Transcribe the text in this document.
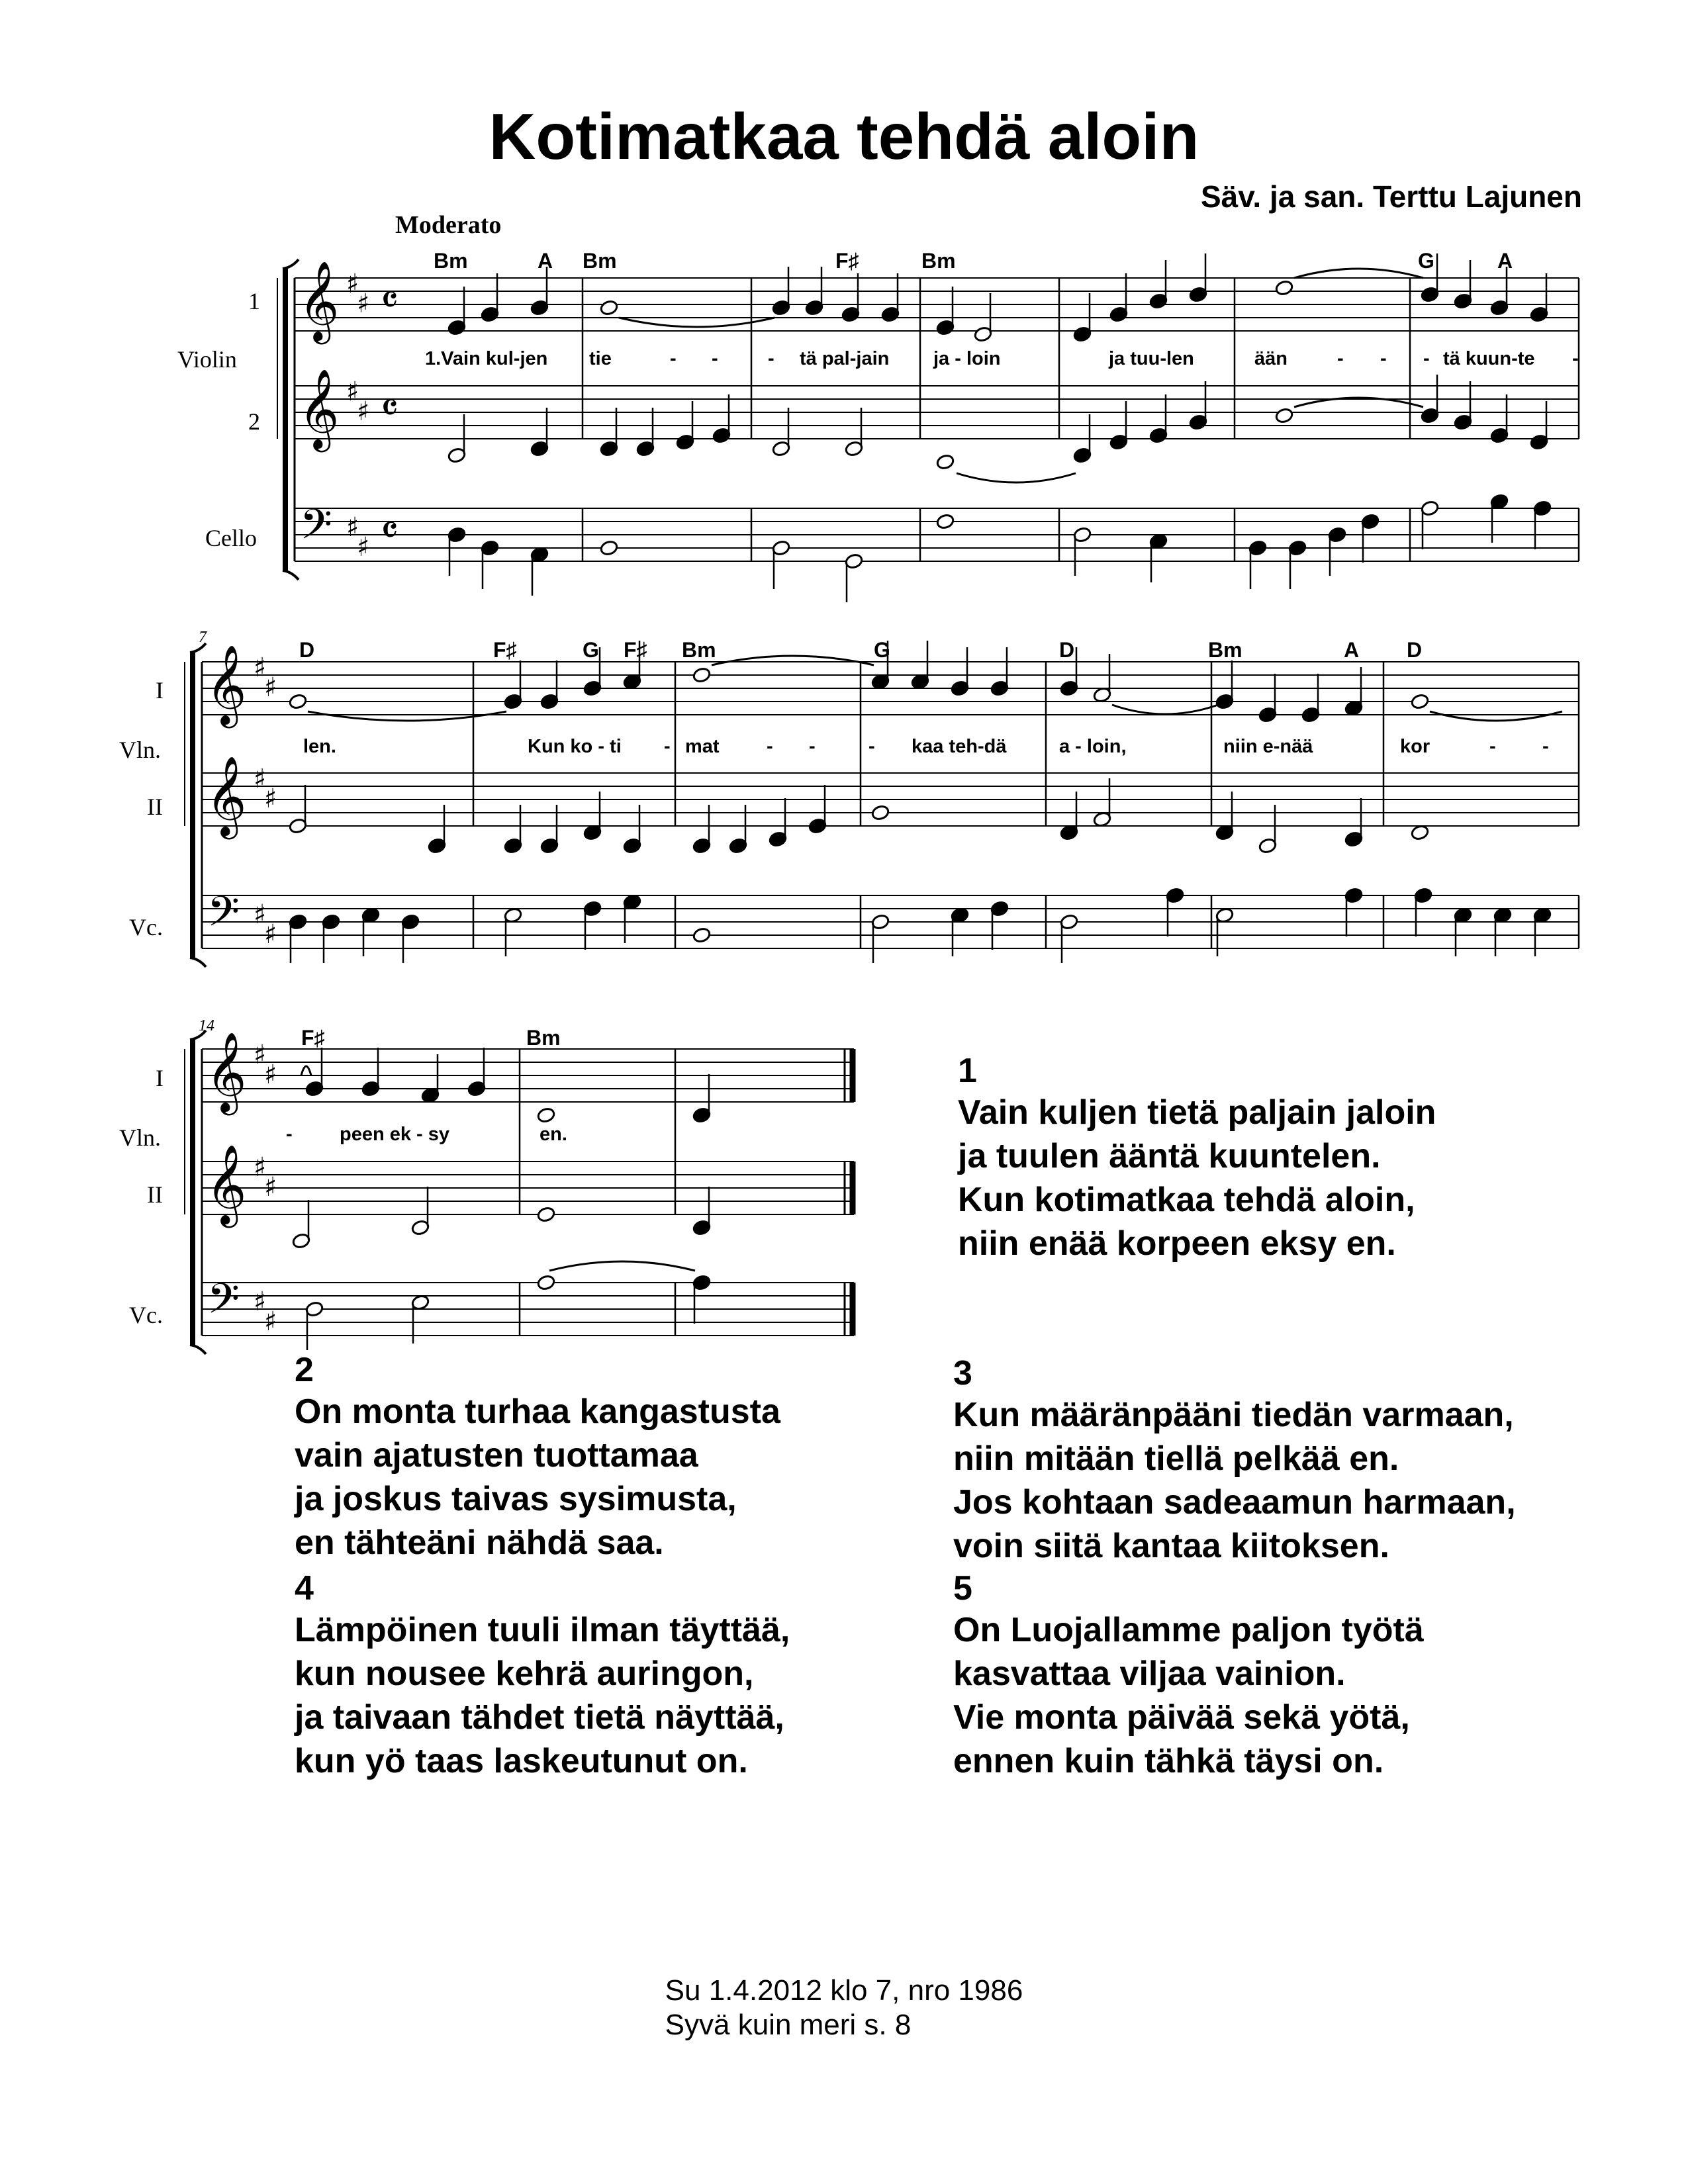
Kotimatkaa tehdä aloin
Säv. ja san. Terttu Lajunen
Moderato
1
Violin
2
Cello
I
Vln.
II
Vc.
7
I
Vln.
II
Vc.
14
Bm	A Bm	F♯	Bm	G	A
1.Vain kul-jen tie	- -	- tä pal-jain ja - loin	ja tuu-len	ään	- - - tä kuun-te -
D	F♯	G F♯ Bm	G	D	Bm	A D
len.	Kun ko - ti - mat - -	- kaa teh-dä	a - loin,	niin e-nää	kor	- -
F♯	Bm
- peen ek - sy	en.
1
Vain kuljen tietä paljain jaloin
ja tuulen ääntä kuuntelen.
Kun kotimatkaa tehdä aloin,
niin enää korpeen eksy en.
2
On monta turhaa kangastusta
vain ajatusten tuottamaa
ja joskus taivas sysimusta,
en tähteäni nähdä saa.
3
Kun määränpääni tiedän varmaan,
niin mitään tiellä pelkää en.
Jos kohtaan sadeaamun harmaan,
voin siitä kantaa kiitoksen.
4
Lämpöinen tuuli ilman täyttää,
kun nousee kehrä auringon,
ja taivaan tähdet tietä näyttää,
kun yö taas laskeutunut on.
5
On Luojallamme paljon työtä
kasvattaa viljaa vainion.
Vie monta päivää sekä yötä,
ennen kuin tähkä täysi on.
Su 1.4.2012 klo 7, nro 1986
Syvä kuin meri s. 8
𝄞 ♯
♯ 𝄴
𝄞 ♯
♯ 𝄴
𝄢 ♯
♯ 𝄴
𝄞 ♯
♯
𝄞 ♯
♯
𝄢 ♯
♯
𝄞 ♯
♯
𝄞 ♯
♯
𝄢 ♯
♯
